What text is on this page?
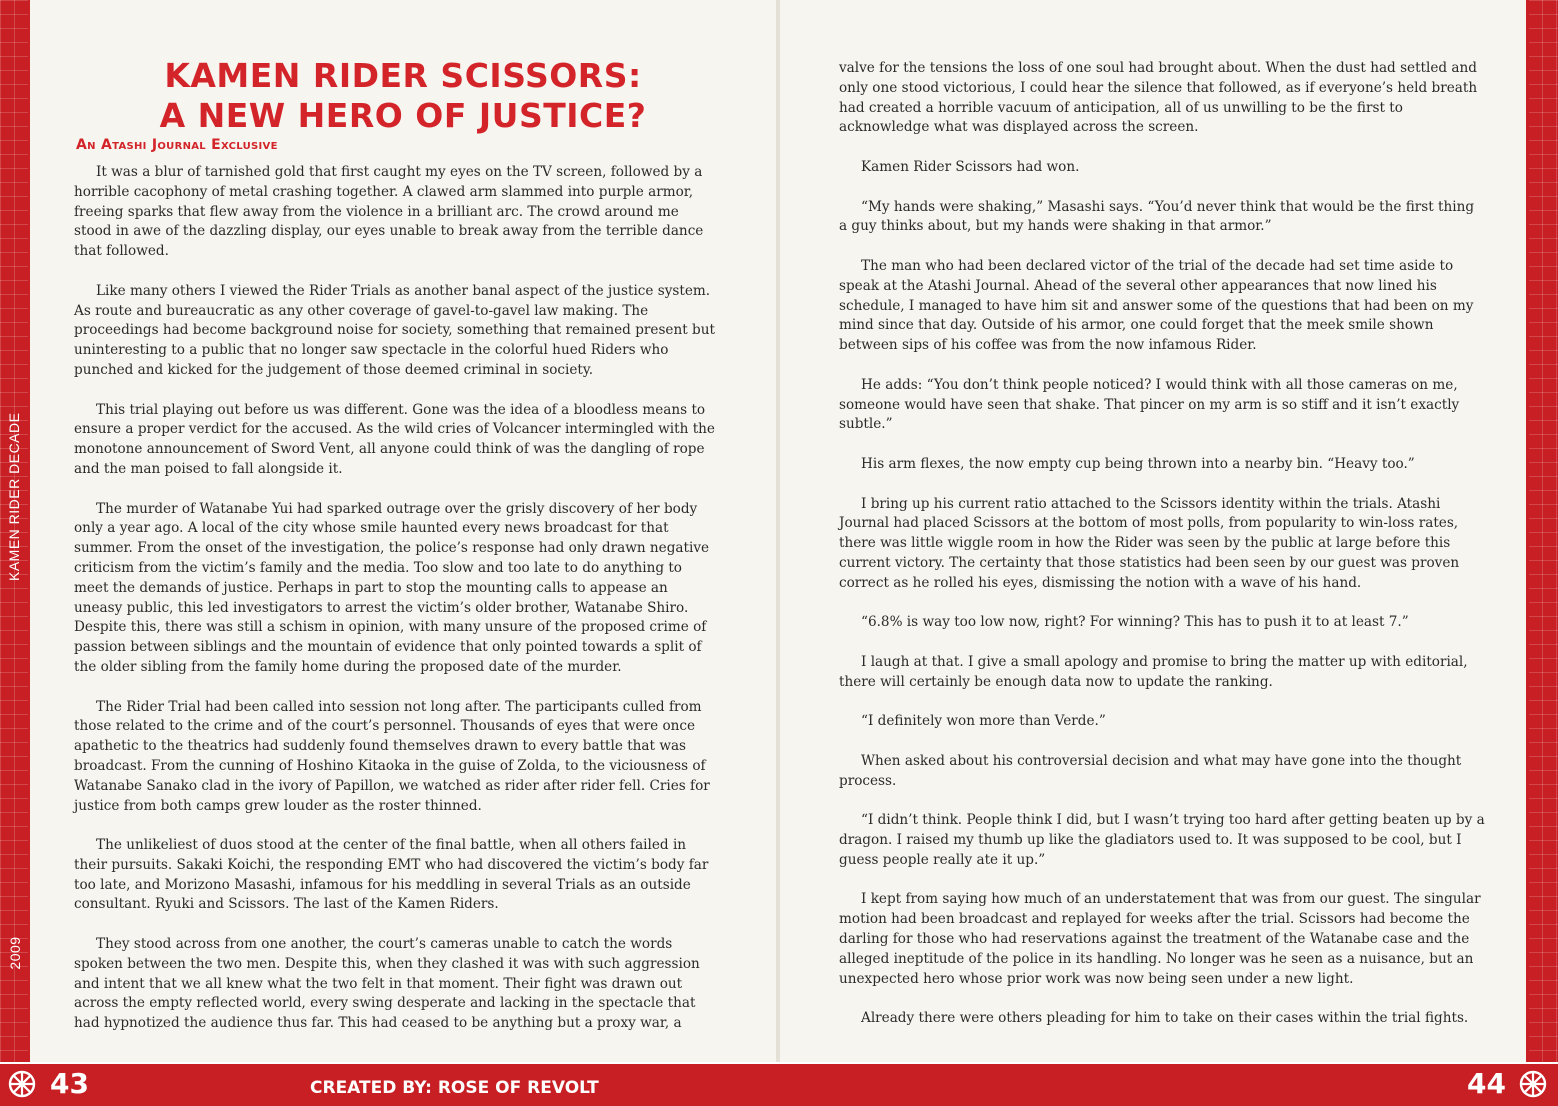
KAMEN RIDER DECADE
2009
KAMEN RIDER SCISSORS:
A NEW HERO OF JUSTICE?
An Atashi Journal Exclusive

It was a blur of tarnished gold that first caught my eyes on the TV screen, followed by a horrible cacophony of metal crashing together. A clawed arm slammed into purple armor, freeing sparks that flew away from the violence in a brilliant arc. The crowd around me stood in awe of the dazzling display, our eyes unable to break away from the terrible dance that followed.

Like many others I viewed the Rider Trials as another banal aspect of the justice system. As route and bureaucratic as any other coverage of gavel-to-gavel law making. The proceedings had become background noise for society, something that remained present but uninteresting to a public that no longer saw spectacle in the colorful hued Riders who punched and kicked for the judgement of those deemed criminal in society.

This trial playing out before us was different. Gone was the idea of a bloodless means to ensure a proper verdict for the accused. As the wild cries of Volcancer intermingled with the monotone announcement of Sword Vent, all anyone could think of was the dangling of rope and the man poised to fall alongside it.

The murder of Watanabe Yui had sparked outrage over the grisly discovery of her body only a year ago. A local of the city whose smile haunted every news broadcast for that summer. From the onset of the investigation, the police’s response had only drawn negative criticism from the victim’s family and the media. Too slow and too late to do anything to meet the demands of justice. Perhaps in part to stop the mounting calls to appease an uneasy public, this led investigators to arrest the victim’s older brother, Watanabe Shiro. Despite this, there was still a schism in opinion, with many unsure of the proposed crime of passion between siblings and the mountain of evidence that only pointed towards a split of the older sibling from the family home during the proposed date of the murder.

The Rider Trial had been called into session not long after. The participants culled from those related to the crime and of the court’s personnel. Thousands of eyes that were once apathetic to the theatrics had suddenly found themselves drawn to every battle that was broadcast. From the cunning of Hoshino Kitaoka in the guise of Zolda, to the viciousness of Watanabe Sanako clad in the ivory of Papillon, we watched as rider after rider fell. Cries for justice from both camps grew louder as the roster thinned.

The unlikeliest of duos stood at the center of the final battle, when all others failed in their pursuits. Sakaki Koichi, the responding EMT who had discovered the victim’s body far too late, and Morizono Masashi, infamous for his meddling in several Trials as an outside consultant. Ryuki and Scissors. The last of the Kamen Riders.

They stood across from one another, the court’s cameras unable to catch the words spoken between the two men. Despite this, when they clashed it was with such aggression and intent that we all knew what the two felt in that moment. Their fight was drawn out across the empty reflected world, every swing desperate and lacking in the spectacle that had hypnotized the audience thus far. This had ceased to be anything but a proxy war, a

valve for the tensions the loss of one soul had brought about. When the dust had settled and only one stood victorious, I could hear the silence that followed, as if everyone’s held breath had created a horrible vacuum of anticipation, all of us unwilling to be the first to acknowledge what was displayed across the screen.

Kamen Rider Scissors had won.

“My hands were shaking,” Masashi says. “You’d never think that would be the first thing a guy thinks about, but my hands were shaking in that armor.”

The man who had been declared victor of the trial of the decade had set time aside to speak at the Atashi Journal. Ahead of the several other appearances that now lined his schedule, I managed to have him sit and answer some of the questions that had been on my mind since that day. Outside of his armor, one could forget that the meek smile shown between sips of his coffee was from the now infamous Rider.

He adds: “You don’t think people noticed? I would think with all those cameras on me, someone would have seen that shake. That pincer on my arm is so stiff and it isn’t exactly subtle.”

His arm flexes, the now empty cup being thrown into a nearby bin. “Heavy too.”

I bring up his current ratio attached to the Scissors identity within the trials. Atashi Journal had placed Scissors at the bottom of most polls, from popularity to win-loss rates, there was little wiggle room in how the Rider was seen by the public at large before this current victory. The certainty that those statistics had been seen by our guest was proven correct as he rolled his eyes, dismissing the notion with a wave of his hand.

“6.8% is way too low now, right? For winning? This has to push it to at least 7.”

I laugh at that. I give a small apology and promise to bring the matter up with editorial, there will certainly be enough data now to update the ranking.

“I definitely won more than Verde.”

When asked about his controversial decision and what may have gone into the thought process.

“I didn’t think. People think I did, but I wasn’t trying too hard after getting beaten up by a dragon. I raised my thumb up like the gladiators used to. It was supposed to be cool, but I guess people really ate it up.”

I kept from saying how much of an understatement that was from our guest. The singular motion had been broadcast and replayed for weeks after the trial. Scissors had become the darling for those who had reservations against the treatment of the Watanabe case and the alleged ineptitude of the police in its handling. No longer was he seen as a nuisance, but an unexpected hero whose prior work was now being seen under a new light.

Already there were others pleading for him to take on their cases within the trial fights.

43	CREATED BY: ROSE OF REVOLT	44
